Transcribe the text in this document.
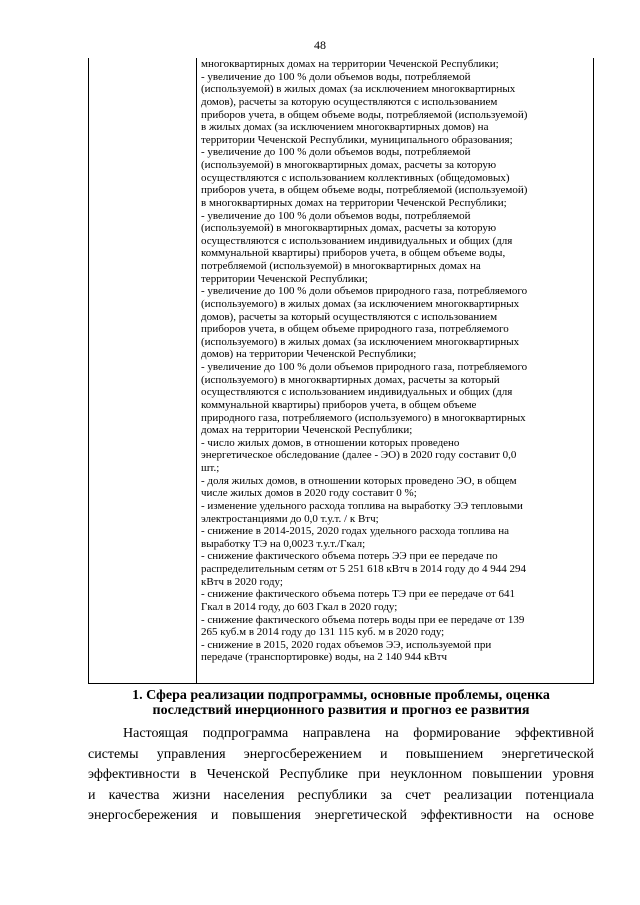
48
многоквартирных домах на территории Чеченской Республики;
- увеличение до 100 % доли объемов воды, потребляемой
(используемой) в жилых домах (за исключением многоквартирных
домов), расчеты за которую осуществляются с использованием
приборов учета, в общем объеме воды, потребляемой (используемой)
в жилых домах (за исключением многоквартирных домов) на
территории Чеченской Республики, муниципального образования;
- увеличение до 100 % доли объемов воды, потребляемой
(используемой) в многоквартирных домах, расчеты за которую
осуществляются с использованием коллективных (общедомовых)
приборов учета, в общем объеме воды, потребляемой (используемой)
в многоквартирных домах на территории Чеченской Республики;
- увеличение до 100 % доли объемов воды, потребляемой
(используемой) в многоквартирных домах, расчеты за которую
осуществляются с использованием индивидуальных и общих (для
коммунальной квартиры) приборов учета, в общем объеме воды,
потребляемой (используемой) в многоквартирных домах на
территории Чеченской Республики;
- увеличение до 100 % доли объемов природного газа, потребляемого
(используемого) в жилых домах (за исключением многоквартирных
домов), расчеты за который осуществляются с использованием
приборов учета, в общем объеме природного газа, потребляемого
(используемого) в жилых домах (за исключением многоквартирных
домов) на территории Чеченской Республики;
- увеличение до 100 % доли объемов природного газа, потребляемого
(используемого) в многоквартирных домах, расчеты за который
осуществляются с использованием индивидуальных и общих (для
коммунальной квартиры) приборов учета, в общем объеме
природного газа, потребляемого (используемого) в многоквартирных
домах на территории Чеченской Республики;
- число жилых домов, в отношении которых проведено
энергетическое обследование (далее - ЭО) в 2020 году составит 0,0
шт.;
- доля жилых домов, в отношении которых проведено ЭО, в общем
числе жилых домов в 2020 году составит 0 %;
- изменение удельного расхода топлива на выработку ЭЭ тепловыми
электростанциями до 0,0 т.у.т. / к Втч;
- снижение в 2014-2015, 2020 годах удельного расхода топлива на
выработку ТЭ на 0,0023 т.у.т./Гкал;
- снижение фактического объема потерь ЭЭ при ее передаче по
распределительным сетям от 5 251 618 кВтч в 2014 году до 4 944 294
кВтч в 2020 году;
- снижение фактического объема потерь ТЭ при ее передаче от 641
Гкал в 2014 году, до 603 Гкал в 2020 году;
- снижение фактического объема потерь воды при ее передаче от 139
265 куб.м в 2014 году до 131 115 куб. м в 2020 году;
- снижение в 2015, 2020 годах объемов ЭЭ, используемой при
передаче (транспортировке) воды, на 2 140 944 кВтч
1. Сфера реализации подпрограммы, основные проблемы, оценка
последствий инерционного развития и прогноз ее развития
Настоящая подпрограмма направлена на формирование эффективной
системы управления энергосбережением и повышением энергетической
эффективности в Чеченской Республике при неуклонном повышении уровня
и качества жизни населения республики за счет реализации потенциала
энергосбережения и повышения энергетической эффективности на основе
